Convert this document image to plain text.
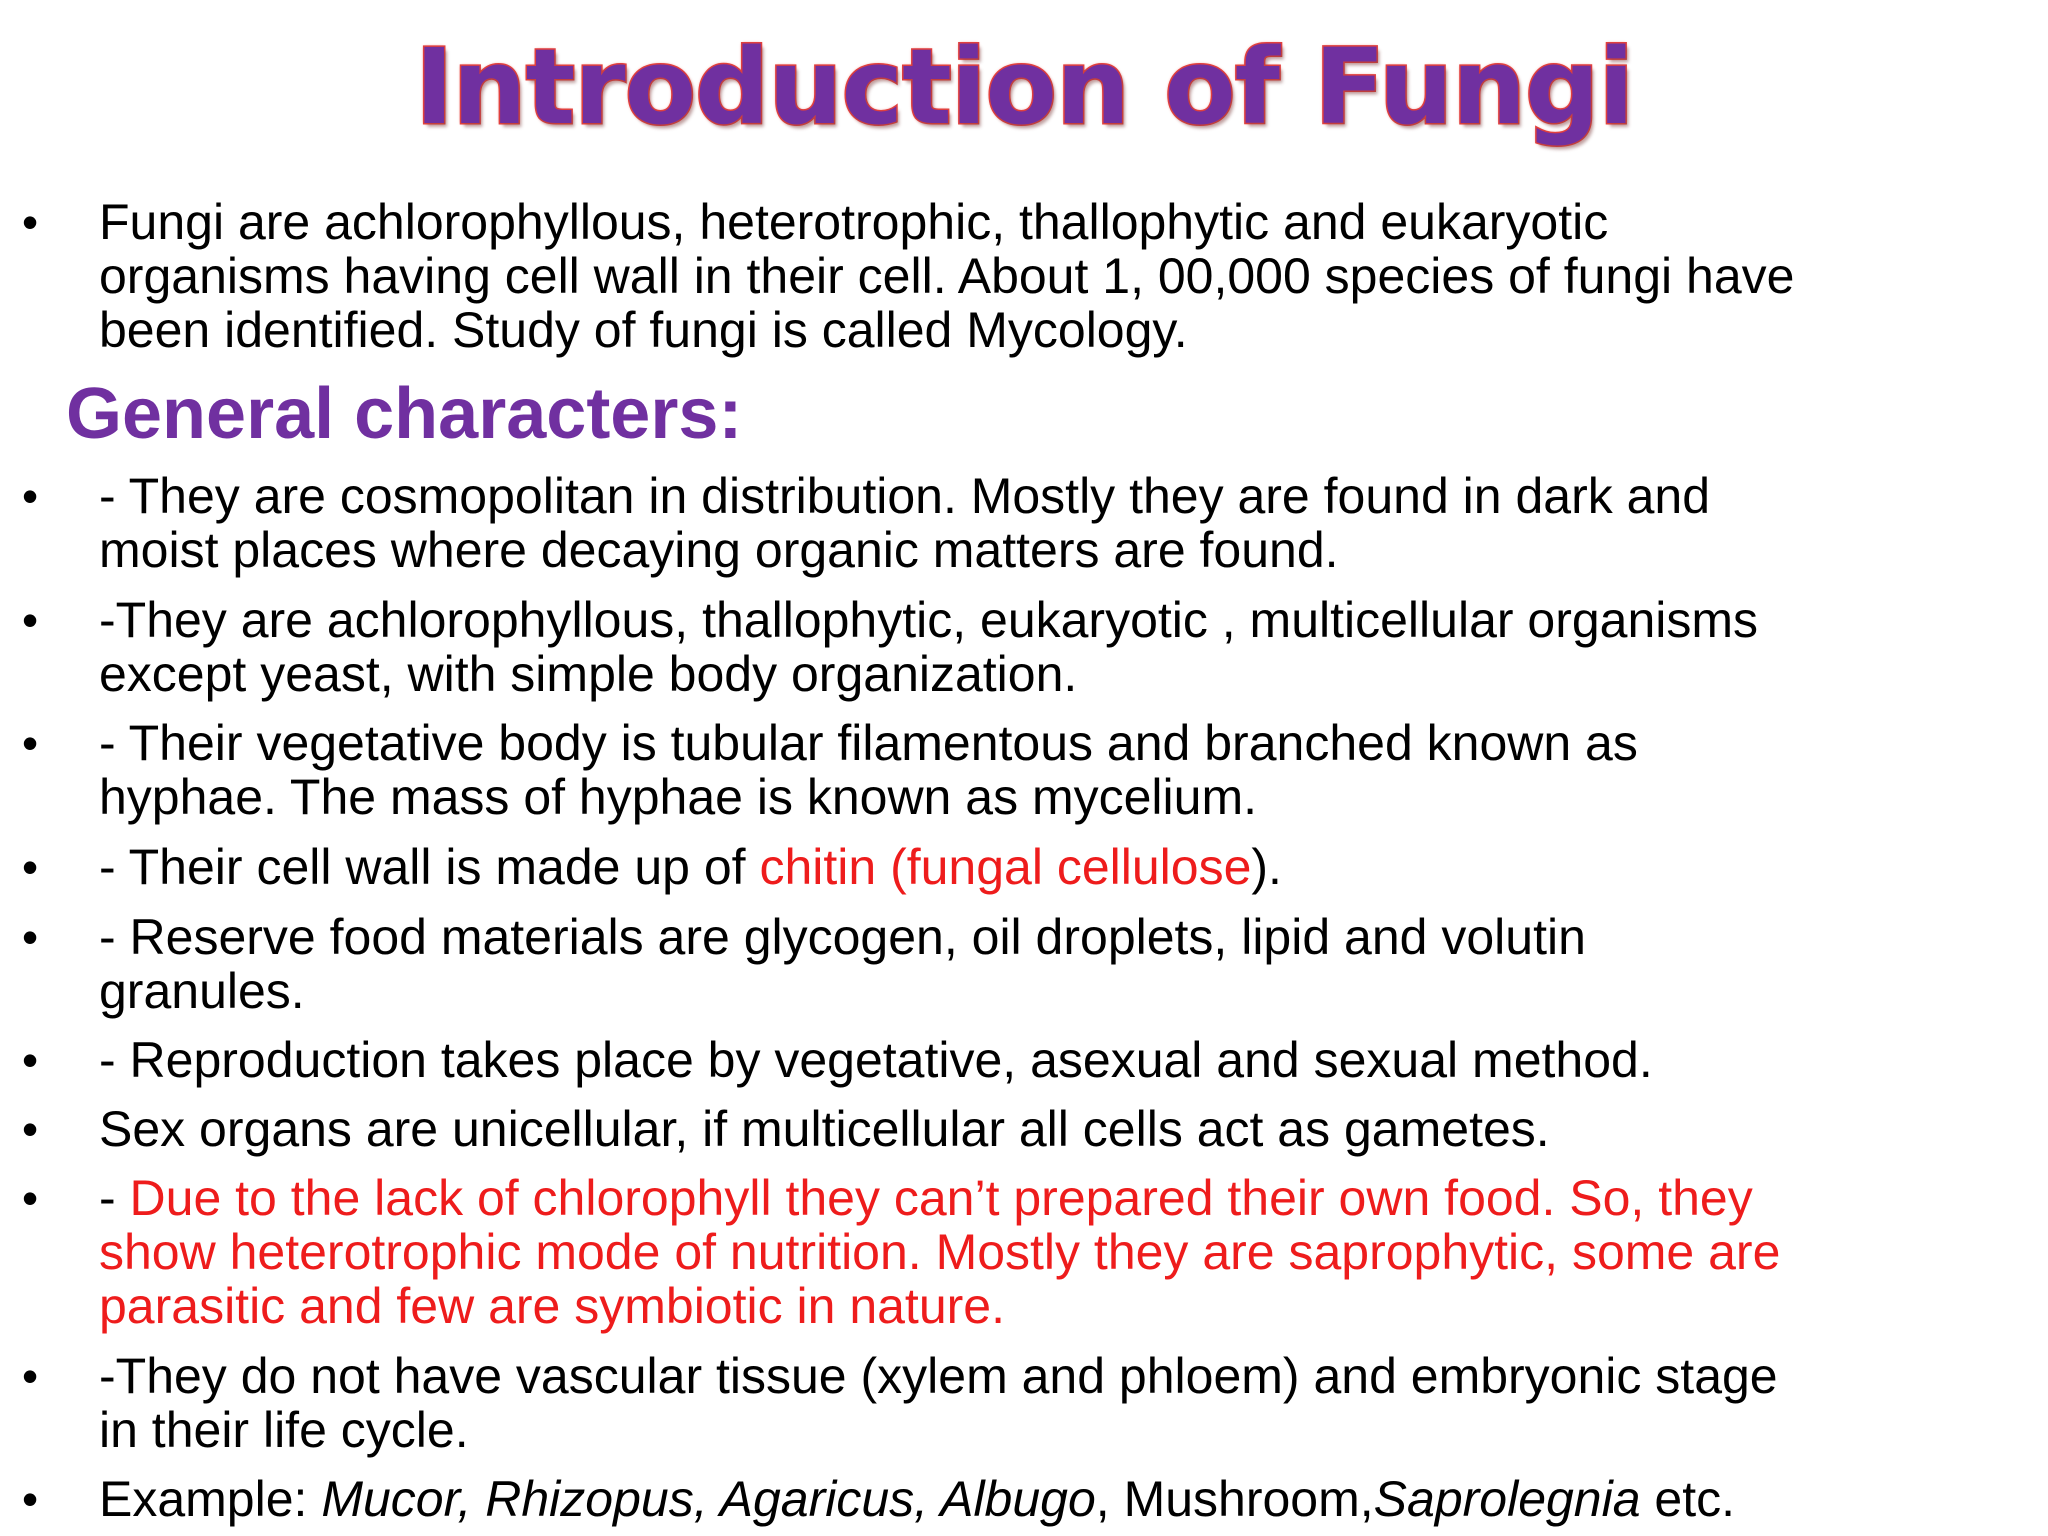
Introduction of Fungi
•	Fungi are achlorophyllous, heterotrophic, thallophytic and eukaryotic
organisms having cell wall in their cell. About 1, 00,000 species of fungi have
been identified. Study of fungi is called Mycology.
•	- They are cosmopolitan in distribution. Mostly they are found in dark and
moist places where decaying organic matters are found.
•	-They are achlorophyllous, thallophytic, eukaryotic , multicellular organisms
except yeast, with simple body organization.
•	- Their vegetative body is tubular filamentous and branched known as
hyphae. The mass of hyphae is known as mycelium.
•	- Their cell wall is made up of chitin (fungal cellulose).
•	- Reserve food materials are glycogen, oil droplets, lipid and volutin
granules.
•	- Reproduction takes place by vegetative, asexual and sexual method.
•	Sex organs are unicellular, if multicellular all cells act as gametes.
•	- Due to the lack of chlorophyll they can’t prepared their own food. So, they
show heterotrophic mode of nutrition. Mostly they are saprophytic, some are
parasitic and few are symbiotic in nature.
•	-They do not have vascular tissue (xylem and phloem) and embryonic stage
in their life cycle.
•	Example: Mucor, Rhizopus, Agaricus, Albugo, Mushroom,Saprolegnia etc.
General characters:
